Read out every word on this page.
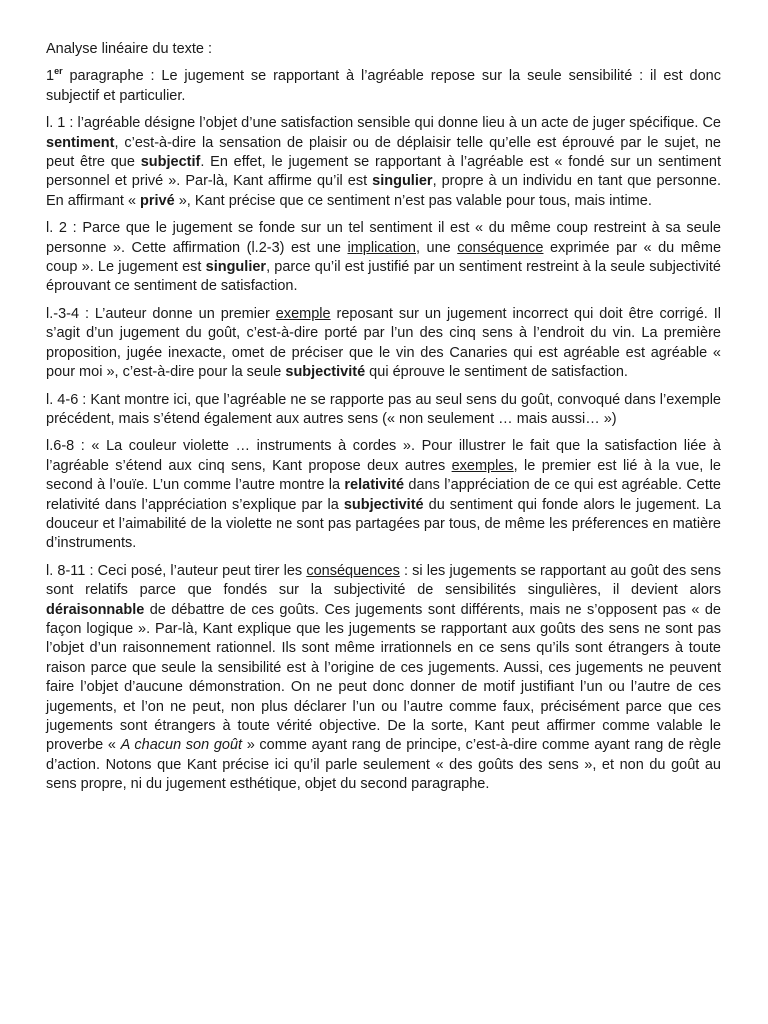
Analyse linéaire du texte :

1er paragraphe : Le jugement se rapportant à l’agréable repose sur la seule sensibilité : il est donc subjectif et particulier.

l. 1 : l’agréable désigne l’objet d’une satisfaction sensible qui donne lieu à un acte de juger spécifique. Ce sentiment, c’est-à-dire la sensation de plaisir ou de déplaisir telle qu’elle est éprouvé par le sujet, ne peut être que subjectif. En effet, le jugement se rapportant à l’agréable est « fondé sur un sentiment personnel et privé ». Par-là, Kant affirme qu’il est singulier, propre à un individu en tant que personne. En affirmant « privé », Kant précise que ce sentiment n’est pas valable pour tous, mais intime.

l. 2 : Parce que le jugement se fonde sur un tel sentiment il est « du même coup restreint à sa seule personne ». Cette affirmation (l.2-3) est une implication, une conséquence exprimée par « du même coup ». Le jugement est singulier, parce qu’il est justifié par un sentiment restreint à la seule subjectivité éprouvant ce sentiment de satisfaction.

l.-3-4 : L’auteur donne un premier exemple reposant sur un jugement incorrect qui doit être corrigé. Il s’agit d’un jugement du goût, c’est-à-dire porté par l’un des cinq sens à l’endroit du vin. La première proposition, jugée inexacte, omet de préciser que le vin des Canaries qui est agréable est agréable « pour moi », c’est-à-dire pour la seule subjectivité qui éprouve le sentiment de satisfaction.

l. 4-6 : Kant montre ici, que l’agréable ne se rapporte pas au seul sens du goût, convoqué dans l’exemple précédent, mais s’étend également aux autres sens (« non seulement … mais aussi… »)

l.6-8 : « La couleur violette … instruments à cordes ». Pour illustrer le fait que la satisfaction liée à l’agréable s’étend aux cinq sens, Kant propose deux autres exemples, le premier est lié à la vue, le second à l’ouïe. L’un comme l’autre montre la relativité dans l’appréciation de ce qui est agréable. Cette relativité dans l’appréciation s’explique par la subjectivité du sentiment qui fonde alors le jugement. La douceur et l’aimabilité de la violette ne sont pas partagées par tous, de même les préferences en matière d’instruments.

l. 8-11 : Ceci posé, l’auteur peut tirer les conséquences : si les jugements se rapportant au goût des sens sont relatifs parce que fondés sur la subjectivité de sensibilités singulières, il devient alors déraisonnable de débattre de ces goûts. Ces jugements sont différents, mais ne s’opposent pas « de façon logique ». Par-là, Kant explique que les jugements se rapportant aux goûts des sens ne sont pas l’objet d’un raisonnement rationnel. Ils sont même irrationnels en ce sens qu’ils sont étrangers à toute raison parce que seule la sensibilité est à l’origine de ces jugements. Aussi, ces jugements ne peuvent faire l’objet d’aucune démonstration. On ne peut donc donner de motif justifiant l’un ou l’autre de ces jugements, et l’on ne peut, non plus déclarer l’un ou l’autre comme faux, précisément parce que ces jugements sont étrangers à toute vérité objective. De la sorte, Kant peut affirmer comme valable le proverbe « A chacun son goût » comme ayant rang de principe, c’est-à-dire comme ayant rang de règle d’action. Notons que Kant précise ici qu’il parle seulement « des goûts des sens », et non du goût au sens propre, ni du jugement esthétique, objet du second paragraphe.
